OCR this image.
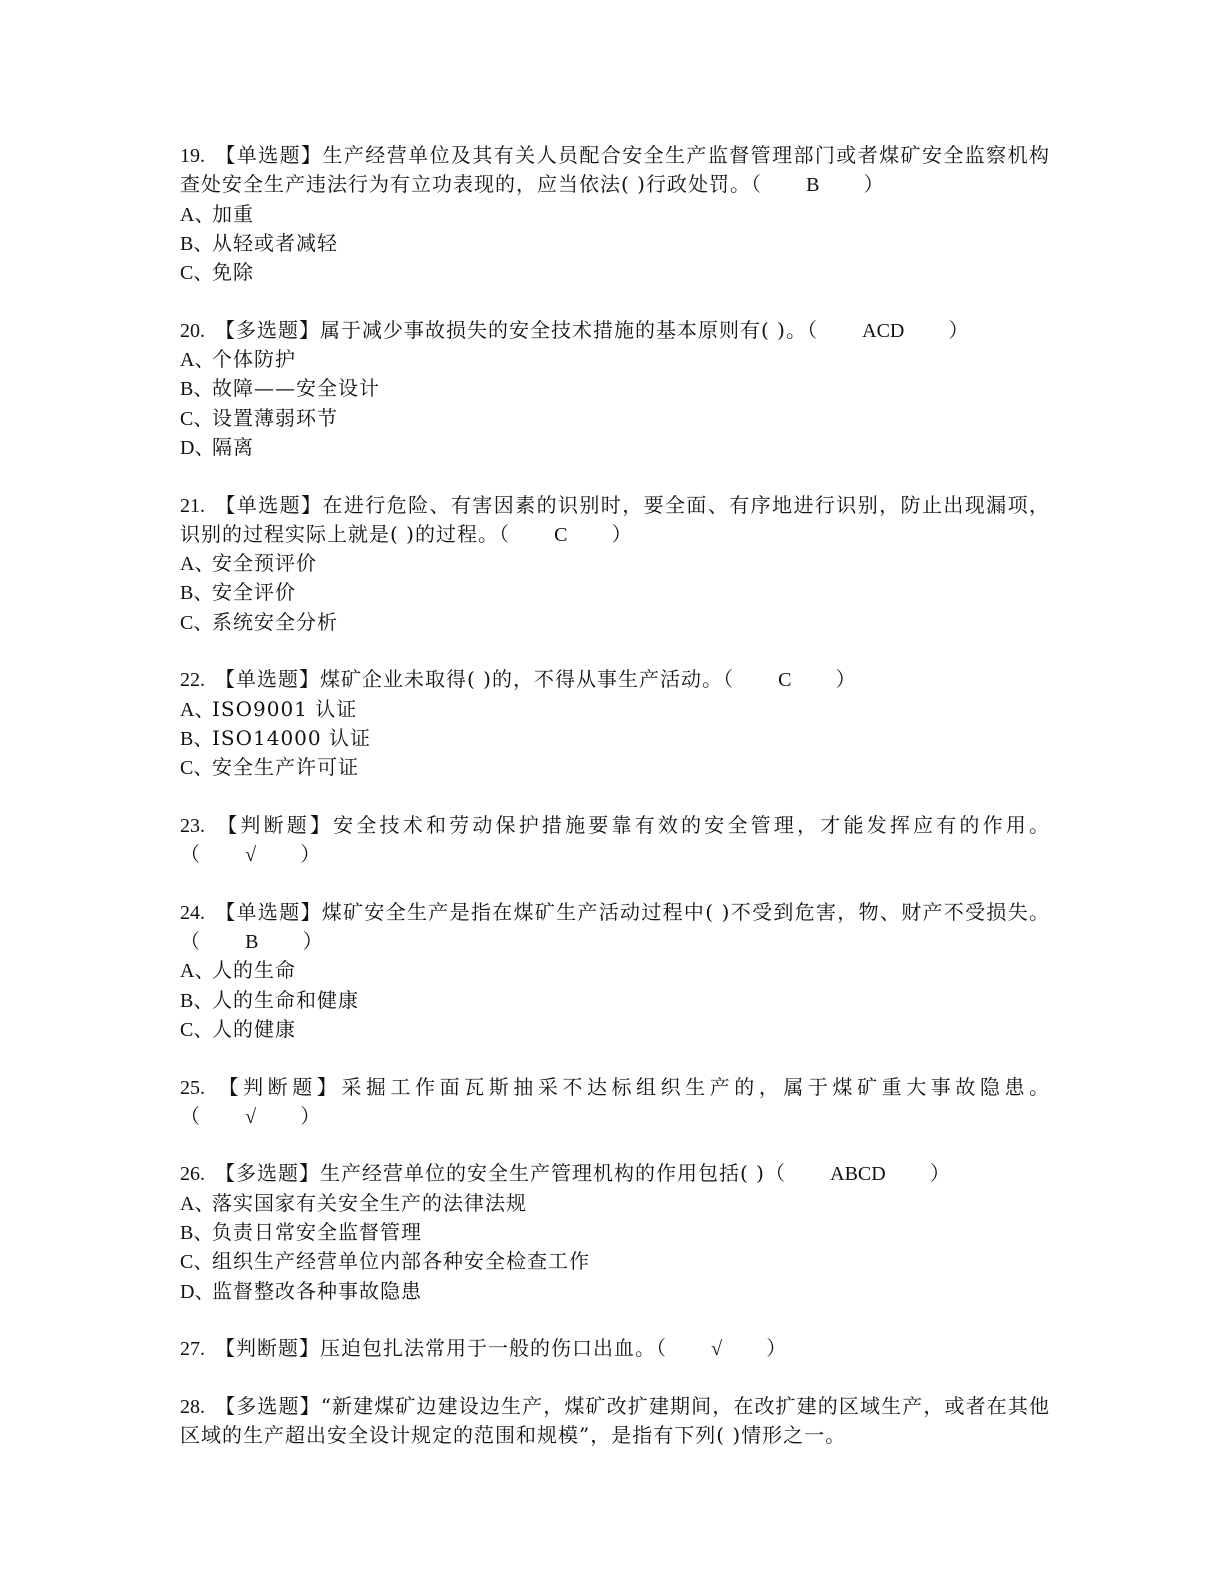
19. 【单选题】生产经营单位及其有关人员配合安全生产监督管理部门或者煤矿安全监察机构查处安全生产违法行为有立功表现的，应当依法( )行政处罚。（ B ）

A、加重

B、从轻或者减轻

C、免除

20. 【多选题】属于减少事故损失的安全技术措施的基本原则有( )。（ ACD ）

A、个体防护

B、故障——安全设计

C、设置薄弱环节

D、隔离

21. 【单选题】在进行危险、有害因素的识别时，要全面、有序地进行识别，防止出现漏项，识别的过程实际上就是( )的过程。（ C ）

A、安全预评价

B、安全评价

C、系统安全分析

22. 【单选题】煤矿企业未取得( )的，不得从事生产活动。（ C ）

A、ISO9001 认证

B、ISO14000 认证

C、安全生产许可证

23. 【判断题】安全技术和劳动保护措施要靠有效的安全管理，才能发挥应有的作用。（ √ ）

24. 【单选题】煤矿安全生产是指在煤矿生产活动过程中( )不受到危害，物、财产不受损失。（ B ）

A、人的生命

B、人的生命和健康

C、人的健康

25. 【判断题】采掘工作面瓦斯抽采不达标组织生产的，属于煤矿重大事故隐患。（ √ ）

26. 【多选题】生产经营单位的安全生产管理机构的作用包括( )（ ABCD ）

A、落实国家有关安全生产的法律法规

B、负责日常安全监督管理

C、组织生产经营单位内部各种安全检查工作

D、监督整改各种事故隐患

27. 【判断题】压迫包扎法常用于一般的伤口出血。（ √ ）

28. 【多选题】“新建煤矿边建设边生产，煤矿改扩建期间，在改扩建的区域生产，或者在其他区域的生产超出安全设计规定的范围和规模”，是指有下列( )情形之一。
